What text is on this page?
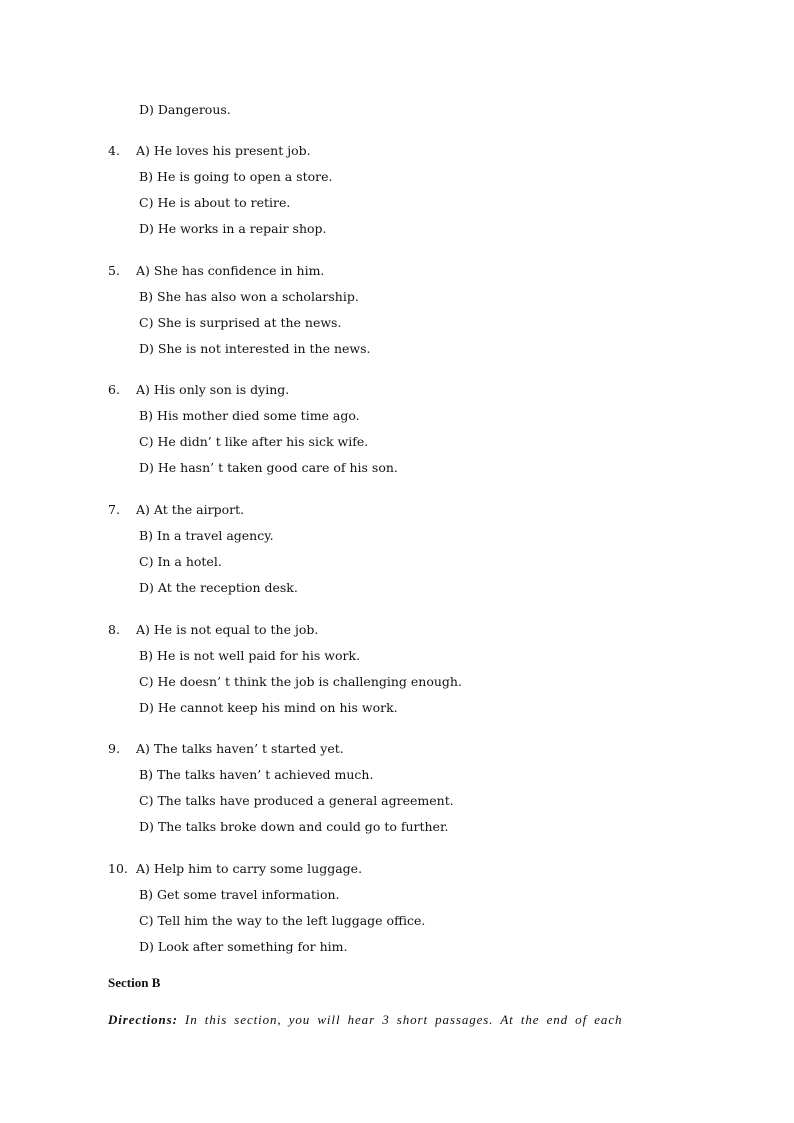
D) Dangerous.
4. A) He loves his present job.
B) He is going to open a store.
C) He is about to retire.
D) He works in a repair shop.
5. A) She has confidence in him.
B) She has also won a scholarship.
C) She is surprised at the news.
D) She is not interested in the news.
6. A) His only son is dying.
B) His mother died some time ago.
C) He didn’ t like after his sick wife.
D) He hasn’ t taken good care of his son.
7. A) At the airport.
B) In a travel agency.
C) In a hotel.
D) At the reception desk.
8. A) He is not equal to the job.
B) He is not well paid for his work.
C) He doesn’ t think the job is challenging enough.
D) He cannot keep his mind on his work.
9. A) The talks haven’ t started yet.
B) The talks haven’ t achieved much.
C) The talks have produced a general agreement.
D) The talks broke down and could go to further.
10. A) Help him to carry some luggage.
B) Get some travel information.
C) Tell him the way to the left luggage office.
D) Look after something for him.
Section B
Directions: In this section, you will hear 3 short passages. At the end of each
